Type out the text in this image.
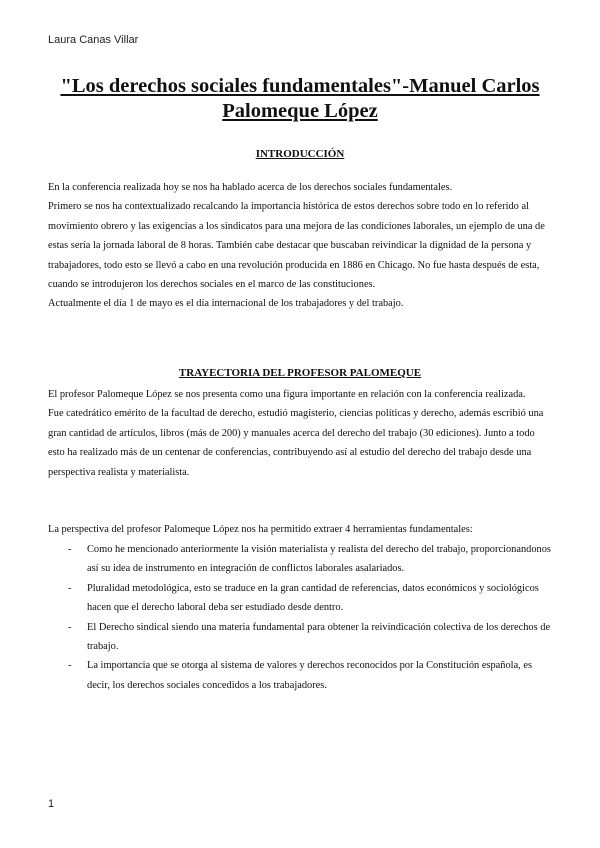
Laura Canas Villar
"Los derechos sociales fundamentales"-Manuel Carlos
Palomeque López
INTRODUCCIÓN

En la conferencia realizada hoy se nos ha hablado acerca de los derechos sociales fundamentales.

Primero se nos ha contextualizado recalcando la importancia histórica de estos derechos sobre todo en lo referido al movimiento obrero y las exigencias a los sindicatos para una mejora de las condiciones laborales, un ejemplo de una de estas sería la jornada laboral de 8 horas. También cabe destacar que buscaban reivindicar la dignidad de la persona y trabajadores, todo esto se llevó a cabo en una revolución producida en 1886 en Chicago. No fue hasta después de esta, cuando se introdujeron los derechos sociales en el marco de las constituciones.

Actualmente el día 1 de mayo es el día internacional de los trabajadores y del trabajo.

TRAYECTORIA DEL PROFESOR PALOMEQUE

El profesor Palomeque López se nos presenta como una figura importante en relación con la conferencia realizada.

Fue catedrático emérito de la facultad de derecho, estudió magisterio, ciencias políticas y derecho, además escribió una gran cantidad de artículos, libros (más de 200) y manuales acerca del derecho del trabajo (30 ediciones). Junto a todo esto ha realizado más de un centenar de conferencias, contribuyendo así al estudio del derecho del trabajo desde una perspectiva realista y materialista.

La perspectiva del profesor Palomeque López nos ha permitido extraer 4 herramientas fundamentales:

- Como he mencionado anteriormente la visión materialista y realista del derecho del trabajo, proporcionandonos así su idea de instrumento en integración de conflictos laborales asalariados.
- Pluralidad metodológica, esto se traduce en la gran cantidad de referencias, datos económicos y sociológicos hacen que el derecho laboral deba ser estudiado desde dentro.
- El Derecho sindical siendo una materia fundamental para obtener la reivindicación colectiva de los derechos de trabajo.
- La importancia que se otorga al sistema de valores y derechos reconocidos por la Constitución española, es decir, los derechos sociales concedidos a los trabajadores.
1
